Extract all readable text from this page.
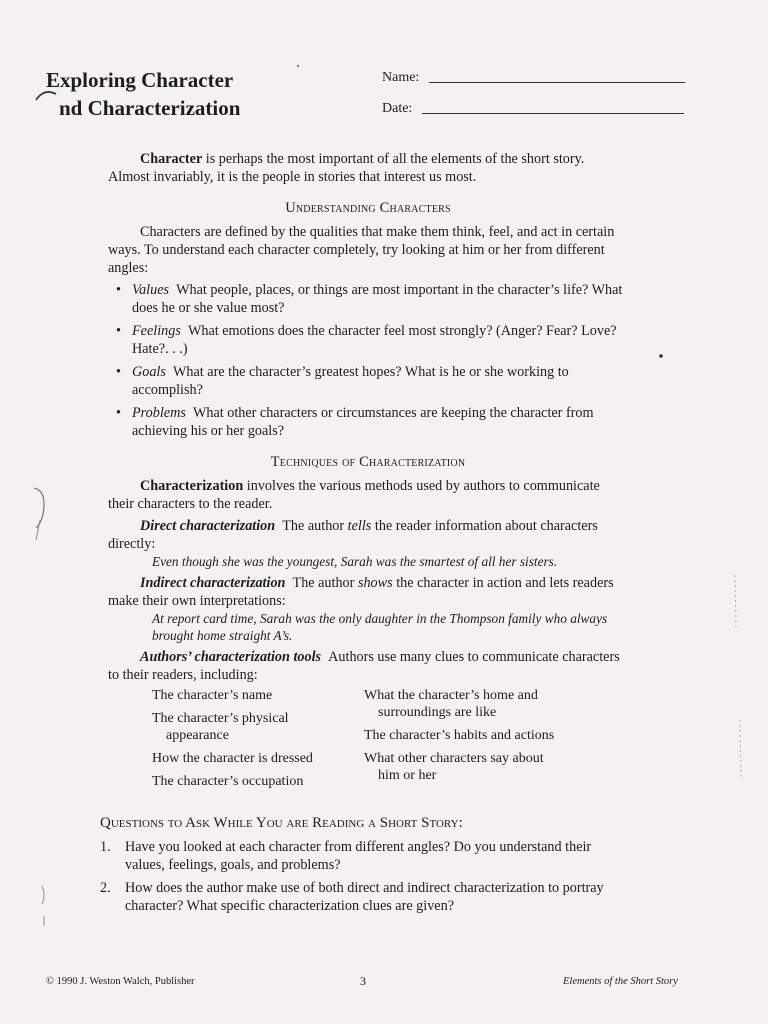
Exploring Character
nd Characterization
Name:
Date:

Character is perhaps the most important of all the elements of the short story. Almost invariably, it is the people in stories that interest us most.

Understanding Characters

Characters are defined by the qualities that make them think, feel, and act in certain ways. To understand each character completely, try looking at him or her from different angles:

• Values What people, places, or things are most important in the character’s life? What does he or she value most?
• Feelings What emotions does the character feel most strongly? (Anger? Fear? Love? Hate?. . .)
• Goals What are the character’s greatest hopes? What is he or she working to accomplish?
• Problems What other characters or circumstances are keeping the character from achieving his or her goals?
Techniques of Characterization

Characterization involves the various methods used by authors to communicate their characters to the reader.

Direct characterization The author tells the reader information about characters directly:

Even though she was the youngest, Sarah was the smartest of all her sisters.

Indirect characterization The author shows the character in action and lets readers make their own interpretations:

At report card time, Sarah was the only daughter in the Thompson family who always brought home straight A’s.

Authors’ characterization tools Authors use many clues to communicate characters to their readers, including:

The character’s name
The character’s physical
appearance
How the character is dressed
The character’s occupation
What the character’s home and
surroundings are like
The character’s habits and actions
What other characters say about
him or her
Questions to Ask While You are Reading a Short Story:
1. Have you looked at each character from different angles? Do you understand their values, feelings, goals, and problems?
2. How does the author make use of both direct and indirect characterization to portray character? What specific characterization clues are given?
© 1990 J. Weston Walch, Publisher	3	Elements of the Short Story
